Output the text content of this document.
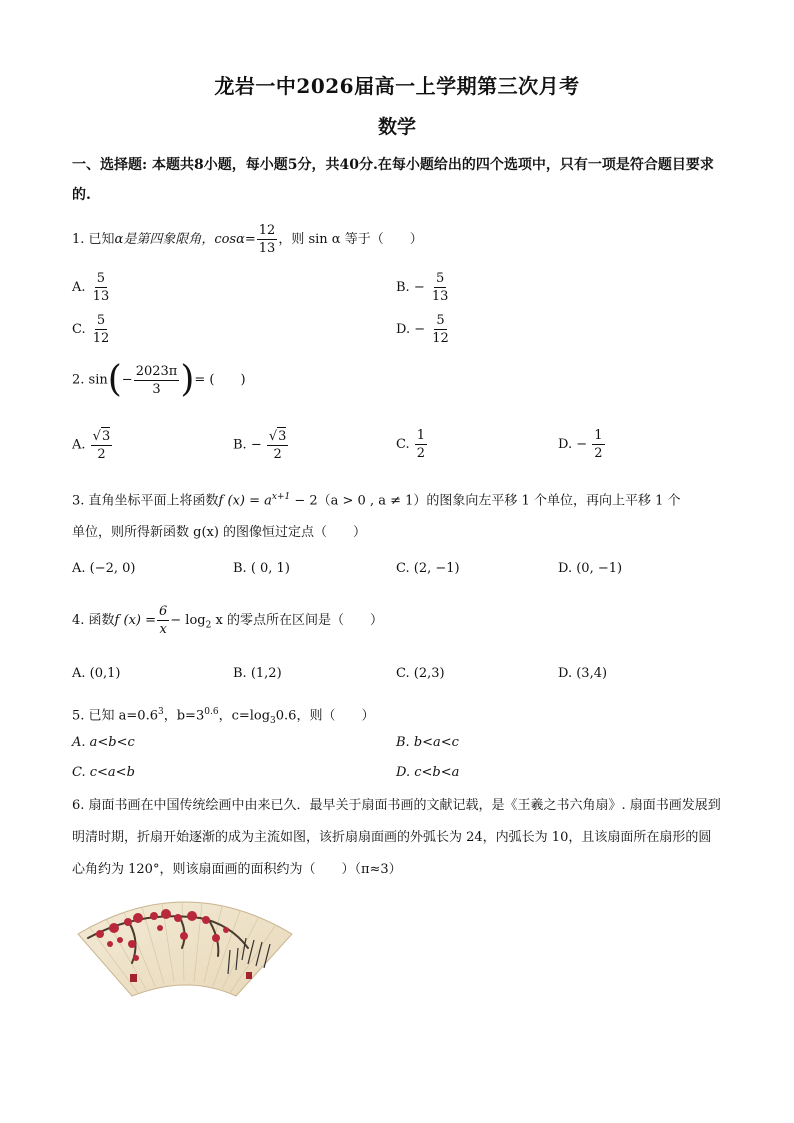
龙岩一中2026届高一上学期第三次月考
数学
一、选择题: 本题共8小题，每小题5分，共40分.在每小题给出的四个选项中，只有一项是符合题目要求的.
1. 已知α是第四象限角，$\cos\alpha= \frac{12}{13}$ ，则 sin α 等于（　　）
A. $\frac{5}{13}$	B. − $\frac{5}{13}$
C. $\frac{5}{12}$	D. − $\frac{5}{12}$
2. $\sin(- \frac{2023\pi}{3}$ )= (　　)
A. $\frac{√3}{2}$	B. − $\frac{√3}{2}$	C. $\frac{1}{2}$	D. − $\frac{1}{2}$
3. 直角坐标平面上将函数f $(x) = a^{x+1} - 2(a > 0$ , a ≠ 1）的图象向左平移 1 个单位，再向上平移 1 个
单位，则所得新函数 g(x) 的图像恒过定点（　　）
A. (−2, 0)	B. ( 0, 1)	C. (2, −1)	D. (0, −1)
4. 函数f $(x) = \frac{6}{x} - \log_2 x$ 的零点所在区间是（　　）
A. (0,1)	B. (1,2)	C. (2,3)	D. (3,4)
5. 已知 $a=0.6^3$，$b=3^{0.6}$，$c=\log_30.6$，则（　　）
A. a<b<c	B. b<a<c
C. c<a<b	D. c<b<a
6. 扇面书画在中国传统绘画中由来已久．最早关于扇面书画的文献记载，是《王羲之书六角扇》. 扇面书画发展到明清时期，折扇开始逐渐的成为主流如图，该折扇扇面画的外弧长为 24，内弧长为 10，且该扇面所在扇形的圆心角约为 120°，则该扇面画的面积约为（　　）（π≈3）
